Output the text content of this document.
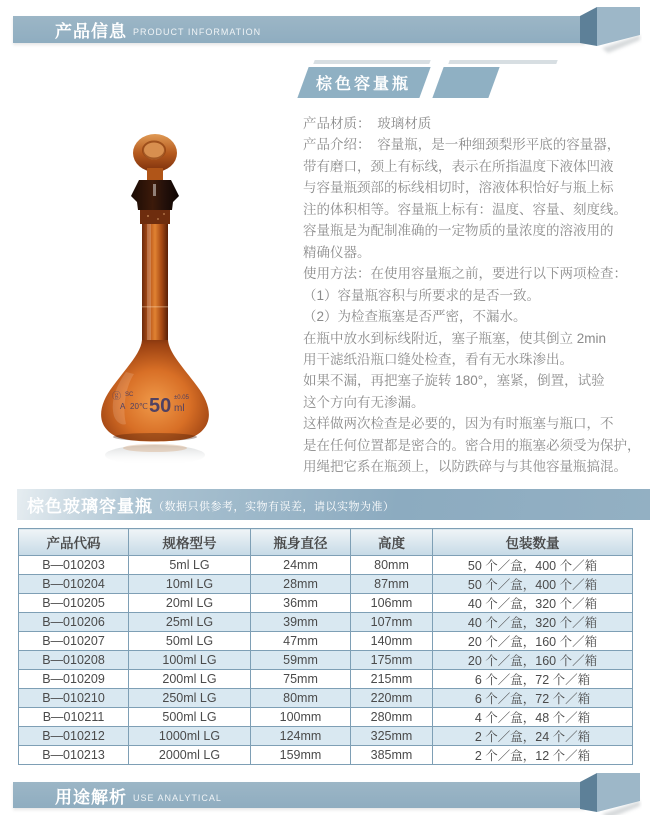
产品信息 PRODUCT INFORMATION
棕色容量瓶
ⓖ SC
A 20℃ 50 ±0.05
ml
产品材质：　玻璃材质
产品介绍：　容量瓶，是一种细颈梨形平底的容量器，
带有磨口，颈上有标线，表示在所指温度下液体凹液
与容量瓶颈部的标线相切时，溶液体积恰好与瓶上标
注的体积相等。容量瓶上标有：温度、容量、刻度线。
容量瓶是为配制准确的一定物质的量浓度的溶液用的
精确仪器。
使用方法：在使用容量瓶之前，要进行以下两项检查：
（1）容量瓶容积与所要求的是否一致。
（2）为检查瓶塞是否严密，不漏水。
在瓶中放水到标线附近，塞子瓶塞，使其倒立 2min
用干滤纸沿瓶口缝处检查，看有无水珠渗出。
如果不漏，再把塞子旋转 180°，塞紧，倒置，试验
这个方向有无渗漏。
这样做两次检查是必要的，因为有时瓶塞与瓶口，不
是在任何位置都是密合的。密合用的瓶塞必须受为保护，
用绳把它系在瓶颈上，以防跌碎与与其他容量瓶搞混。
棕色玻璃容量瓶 （数据只供参考，实物有误差，请以实物为准）
产品代码	规格型号	瓶身直径	高度	包装数量
B—010203	5ml LG	24mm	80mm	50 个／盒，400 个／箱
B—010204	10ml LG	28mm	87mm	50 个／盒，400 个／箱
B—010205	20ml LG	36mm	106mm	40 个／盒，320 个／箱
B—010206	25ml LG	39mm	107mm	40 个／盒，320 个／箱
B—010207	50ml LG	47mm	140mm	20 个／盒，160 个／箱
B—010208	100ml LG	59mm	175mm	20 个／盒，160 个／箱
B—010209	200ml LG	75mm	215mm	6 个／盒，72 个／箱
B—010210	250ml LG	80mm	220mm	6 个／盒，72 个／箱
B—010211	500ml LG	100mm	280mm	4 个／盒，48 个／箱
B—010212	1000ml LG	124mm	325mm	2 个／盒，24 个／箱
B—010213	2000ml LG	159mm	385mm	2 个／盒，12 个／箱
用途解析 USE ANALYTICAL
